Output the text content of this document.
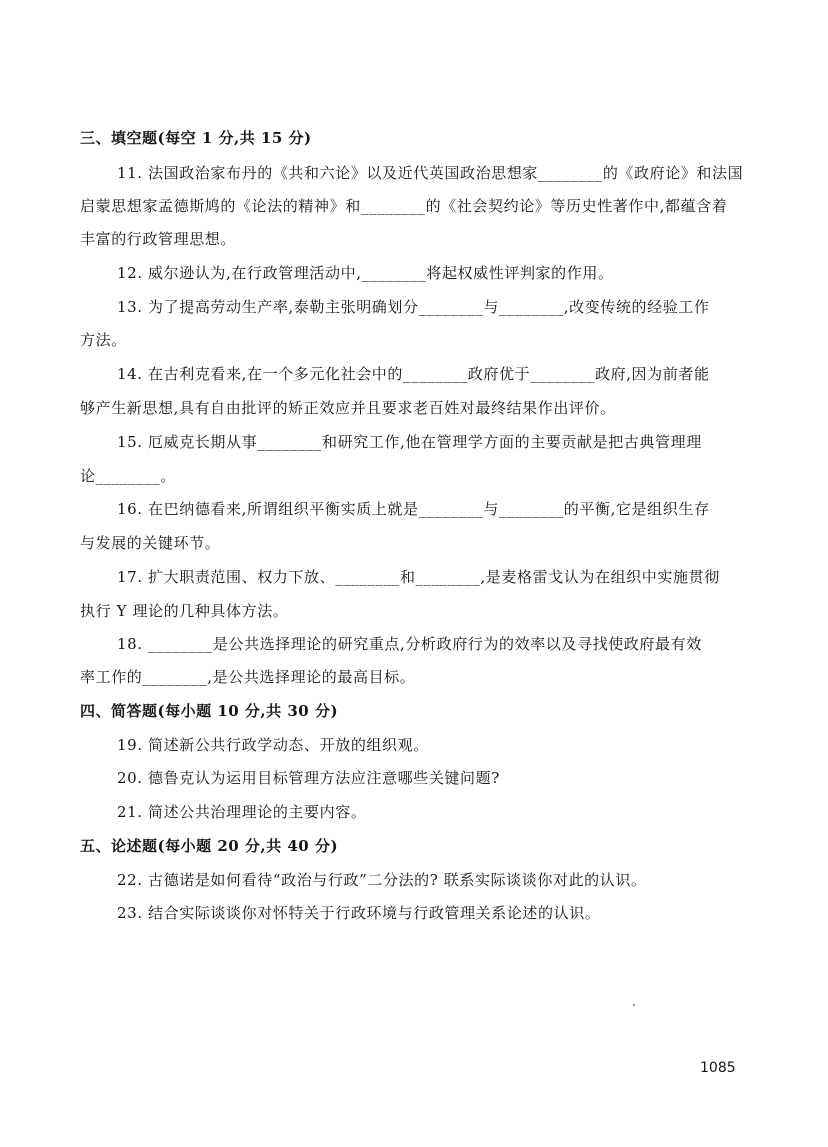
三、填空题(每空 1 分,共 15 分)
11. 法国政治家布丹的《共和六论》以及近代英国政治思想家________的《政府论》和法国
启蒙思想家孟德斯鸠的《论法的精神》和________的《社会契约论》等历史性著作中,都蕴含着
丰富的行政管理思想。
12. 威尔逊认为,在行政管理活动中,________将起权威性评判家的作用。
13. 为了提高劳动生产率,泰勒主张明确划分________与________,改变传统的经验工作
方法。
14. 在古利克看来,在一个多元化社会中的________政府优于________政府,因为前者能
够产生新思想,具有自由批评的矫正效应并且要求老百姓对最终结果作出评价。
15. 厄威克长期从事________和研究工作,他在管理学方面的主要贡献是把古典管理理
论________。
16. 在巴纳德看来,所谓组织平衡实质上就是________与________的平衡,它是组织生存
与发展的关键环节。
17. 扩大职责范围、权力下放、________和________,是麦格雷戈认为在组织中实施贯彻
执行 Y 理论的几种具体方法。
18. ________是公共选择理论的研究重点,分析政府行为的效率以及寻找使政府最有效
率工作的________,是公共选择理论的最高目标。
四、简答题(每小题 10 分,共 30 分)
19. 简述新公共行政学动态、开放的组织观。
20. 德鲁克认为运用目标管理方法应注意哪些关键问题?
21. 简述公共治理理论的主要内容。
五、论述题(每小题 20 分,共 40 分)
22. 古德诺是如何看待“政治与行政”二分法的? 联系实际谈谈你对此的认识。
23. 结合实际谈谈你对怀特关于行政环境与行政管理关系论述的认识。
1085
